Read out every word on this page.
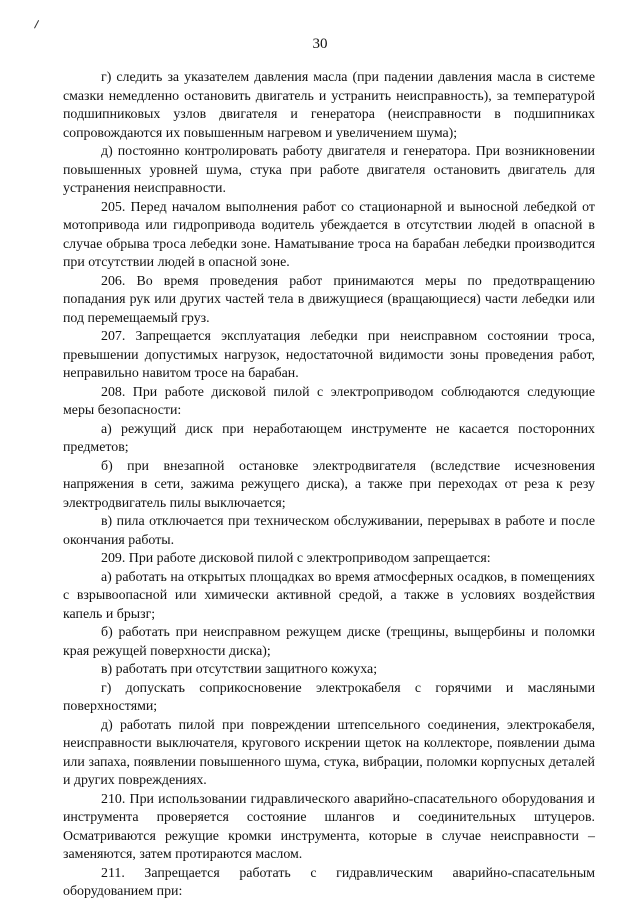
30

г) следить за указателем давления масла (при падении давления масла в системе смазки немедленно остановить двигатель и устранить неисправность), за температурой подшипниковых узлов двигателя и генератора (неисправности в подшипниках сопровождаются их повышенным нагревом и увеличением шума);

д) постоянно контролировать работу двигателя и генератора. При возникновении повышенных уровней шума, стука при работе двигателя остановить двигатель для устранения неисправности.

205. Перед началом выполнения работ со стационарной и выносной лебедкой от мотопривода или гидропривода водитель убеждается в отсутствии людей в опасной в случае обрыва троса лебедки зоне. Наматывание троса на барабан лебедки производится при отсутствии людей в опасной зоне.

206. Во время проведения работ принимаются меры по предотвращению попадания рук или других частей тела в движущиеся (вращающиеся) части лебедки или под перемещаемый груз.

207. Запрещается эксплуатация лебедки при неисправном состоянии троса, превышении допустимых нагрузок, недостаточной видимости зоны проведения работ, неправильно навитом тросе на барабан.

208. При работе дисковой пилой с электроприводом соблюдаются следующие меры безопасности:

а) режущий диск при неработающем инструменте не касается посторонних предметов;

б) при внезапной остановке электродвигателя (вследствие исчезновения напряжения в сети, зажима режущего диска), а также при переходах от реза к резу электродвигатель пилы выключается;

в) пила отключается при техническом обслуживании, перерывах в работе и после окончания работы.

209. При работе дисковой пилой с электроприводом запрещается:

а) работать на открытых площадках во время атмосферных осадков, в помещениях с взрывоопасной или химически активной средой, а также в условиях воздействия капель и брызг;

б) работать при неисправном режущем диске (трещины, выщербины и поломки края режущей поверхности диска);

в) работать при отсутствии защитного кожуха;

г) допускать соприкосновение электрокабеля с горячими и масляными поверхностями;

д) работать пилой при повреждении штепсельного соединения, электрокабеля, неисправности выключателя, кругового искрении щеток на коллекторе, появлении дыма или запаха, появлении повышенного шума, стука, вибрации, поломки корпусных деталей и других повреждениях.

210. При использовании гидравлического аварийно-спасательного оборудования и инструмента проверяется состояние шлангов и соединительных штуцеров. Осматриваются режущие кромки инструмента, которые в случае неисправности – заменяются, затем протираются маслом.

211. Запрещается работать с гидравлическим аварийно-спасательным оборудованием при:
